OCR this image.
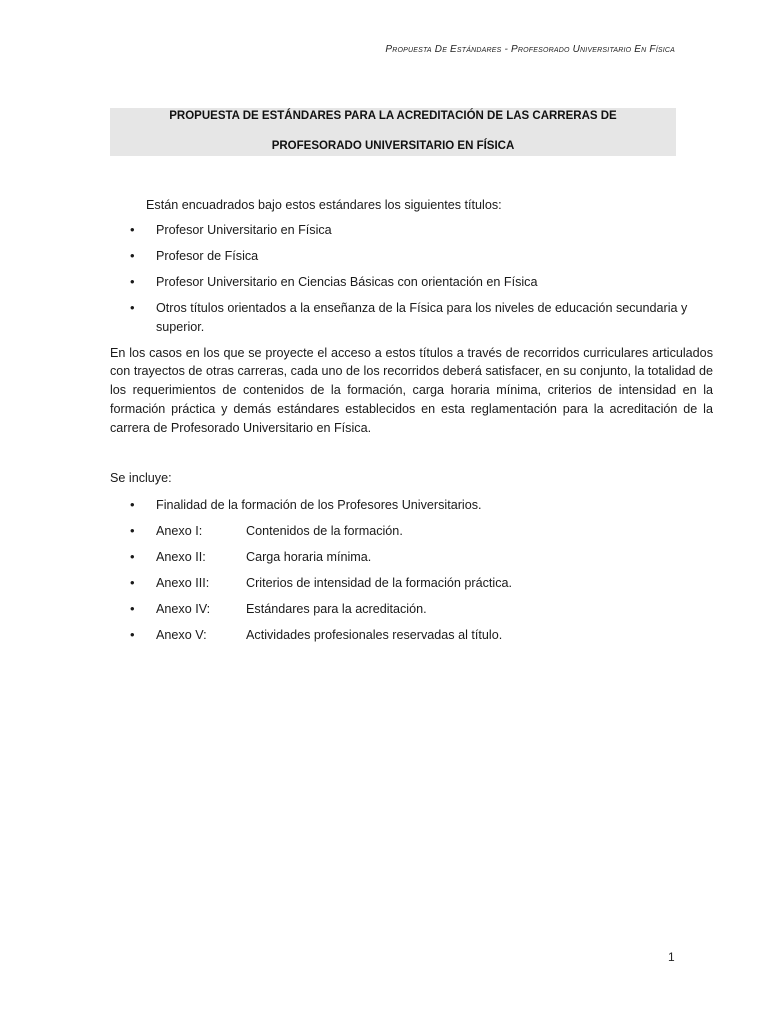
Propuesta De Estándares - Profesorado Universitario En Física
PROPUESTA DE ESTÁNDARES PARA LA ACREDITACIÓN DE LAS CARRERAS DE
PROFESORADO UNIVERSITARIO EN FÍSICA

Están encuadrados bajo estos estándares los siguientes títulos:

• Profesor Universitario en Física
• Profesor de Física
• Profesor Universitario en Ciencias Básicas con orientación en Física
• Otros títulos orientados a la enseñanza de la Física para los niveles de educación secundaria y superior.

En los casos en los que se proyecte el acceso a estos títulos a través de recorridos curriculares articulados con trayectos de otras carreras, cada uno de los recorridos deberá satisfacer, en su conjunto, la totalidad de los requerimientos de contenidos de la formación, carga horaria mínima, criterios de intensidad en la formación práctica y demás estándares establecidos en esta reglamentación para la acreditación de la carrera de Profesorado Universitario en Física.

Se incluye:

• Finalidad de la formación de los Profesores Universitarios.
• Anexo I:	Contenidos de la formación.
• Anexo II:	Carga horaria mínima.
• Anexo III:	Criterios de intensidad de la formación práctica.
• Anexo IV:	Estándares para la acreditación.
• Anexo V:	Actividades profesionales reservadas al título.
1
